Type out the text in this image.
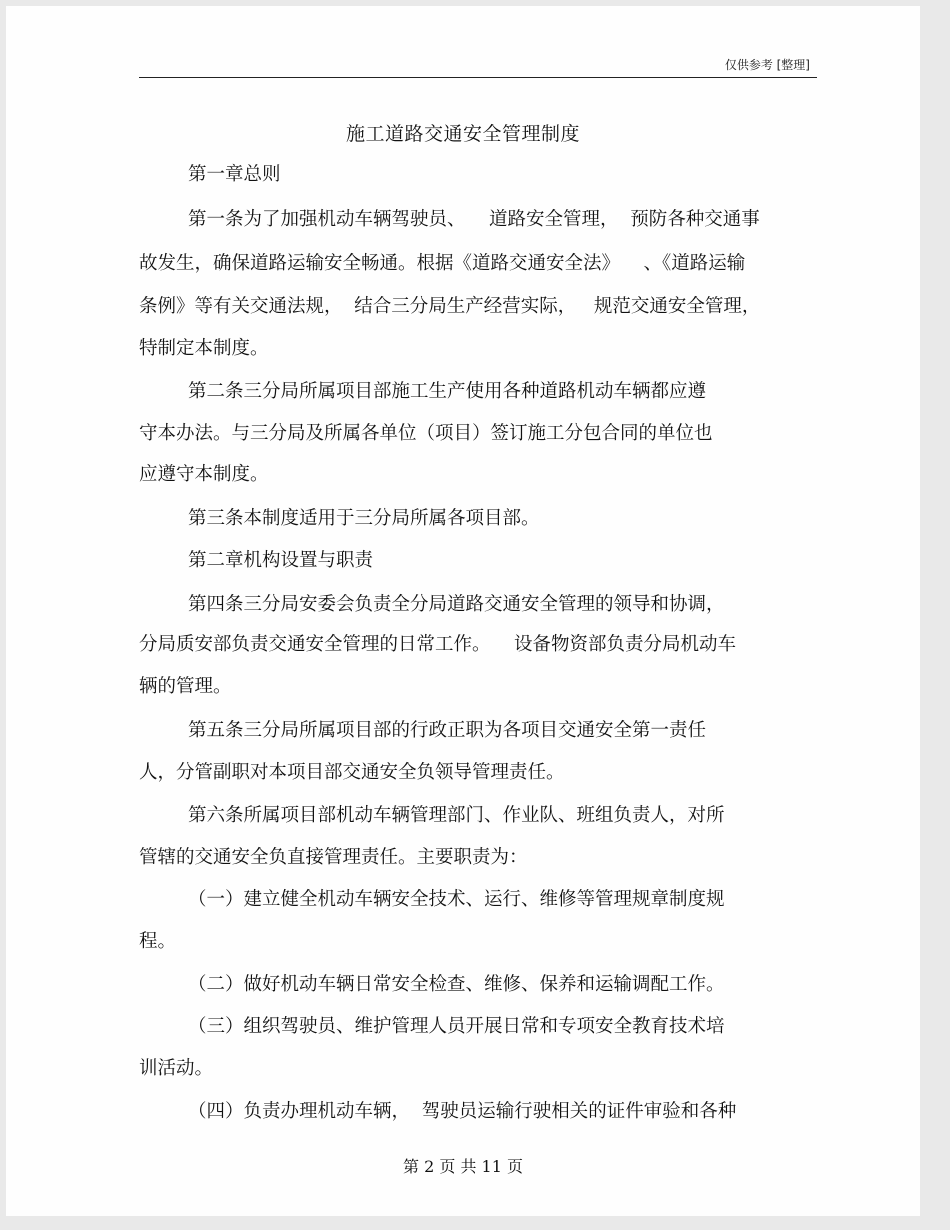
仅供参考 [整理]
施工道路交通安全管理制度
第一章总则
第一条为了加强机动车辆驾驶员、    道路安全管理，  预防各种交通事
故发生，确保道路运输安全畅通。根据《道路交通安全法》    、《道路运输
条例》等有关交通法规，  结合三分局生产经营实际，   规范交通安全管理，
特制定本制度。
第二条三分局所属项目部施工生产使用各种道路机动车辆都应遵
守本办法。与三分局及所属各单位（项目）签订施工分包合同的单位也
应遵守本制度。
第三条本制度适用于三分局所属各项目部。
第二章机构设置与职责
第四条三分局安委会负责全分局道路交通安全管理的领导和协调，
分局质安部负责交通安全管理的日常工作。    设备物资部负责分局机动车
辆的管理。
第五条三分局所属项目部的行政正职为各项目交通安全第一责任
人，分管副职对本项目部交通安全负领导管理责任。
第六条所属项目部机动车辆管理部门、作业队、班组负责人，对所
管辖的交通安全负直接管理责任。主要职责为：
（一）建立健全机动车辆安全技术、运行、维修等管理规章制度规
程。
（二）做好机动车辆日常安全检查、维修、保养和运输调配工作。
（三）组织驾驶员、维护管理人员开展日常和专项安全教育技术培
训活动。
（四）负责办理机动车辆，  驾驶员运输行驶相关的证件审验和各种
第 2 页 共 11 页
